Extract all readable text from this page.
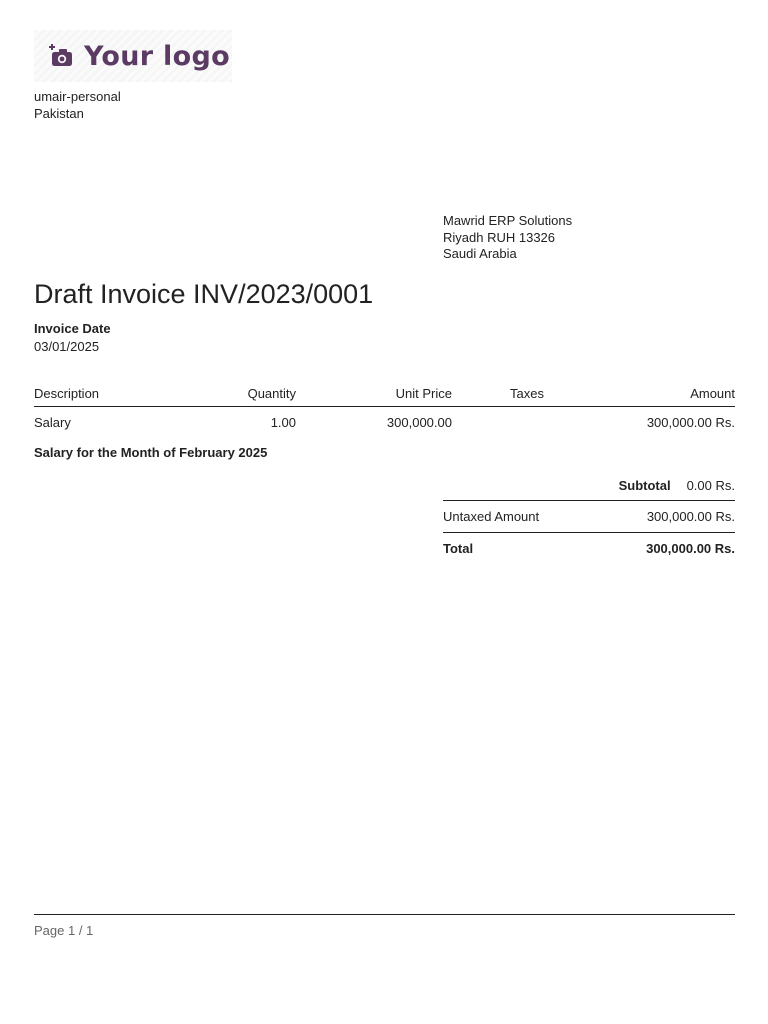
Your logo
umair-personal
Pakistan
Mawrid ERP Solutions
Riyadh RUH 13326
Saudi Arabia
Draft Invoice INV/2023/0001
Invoice Date
03/01/2025
Description	Quantity	Unit Price	Taxes	Amount
Salary	1.00	300,000.00		300,000.00 Rs.
Salary for the Month of February 2025
Subtotal 0.00 Rs.
Untaxed Amount	300,000.00 Rs.
Total	300,000.00 Rs.
Page 1 / 1
